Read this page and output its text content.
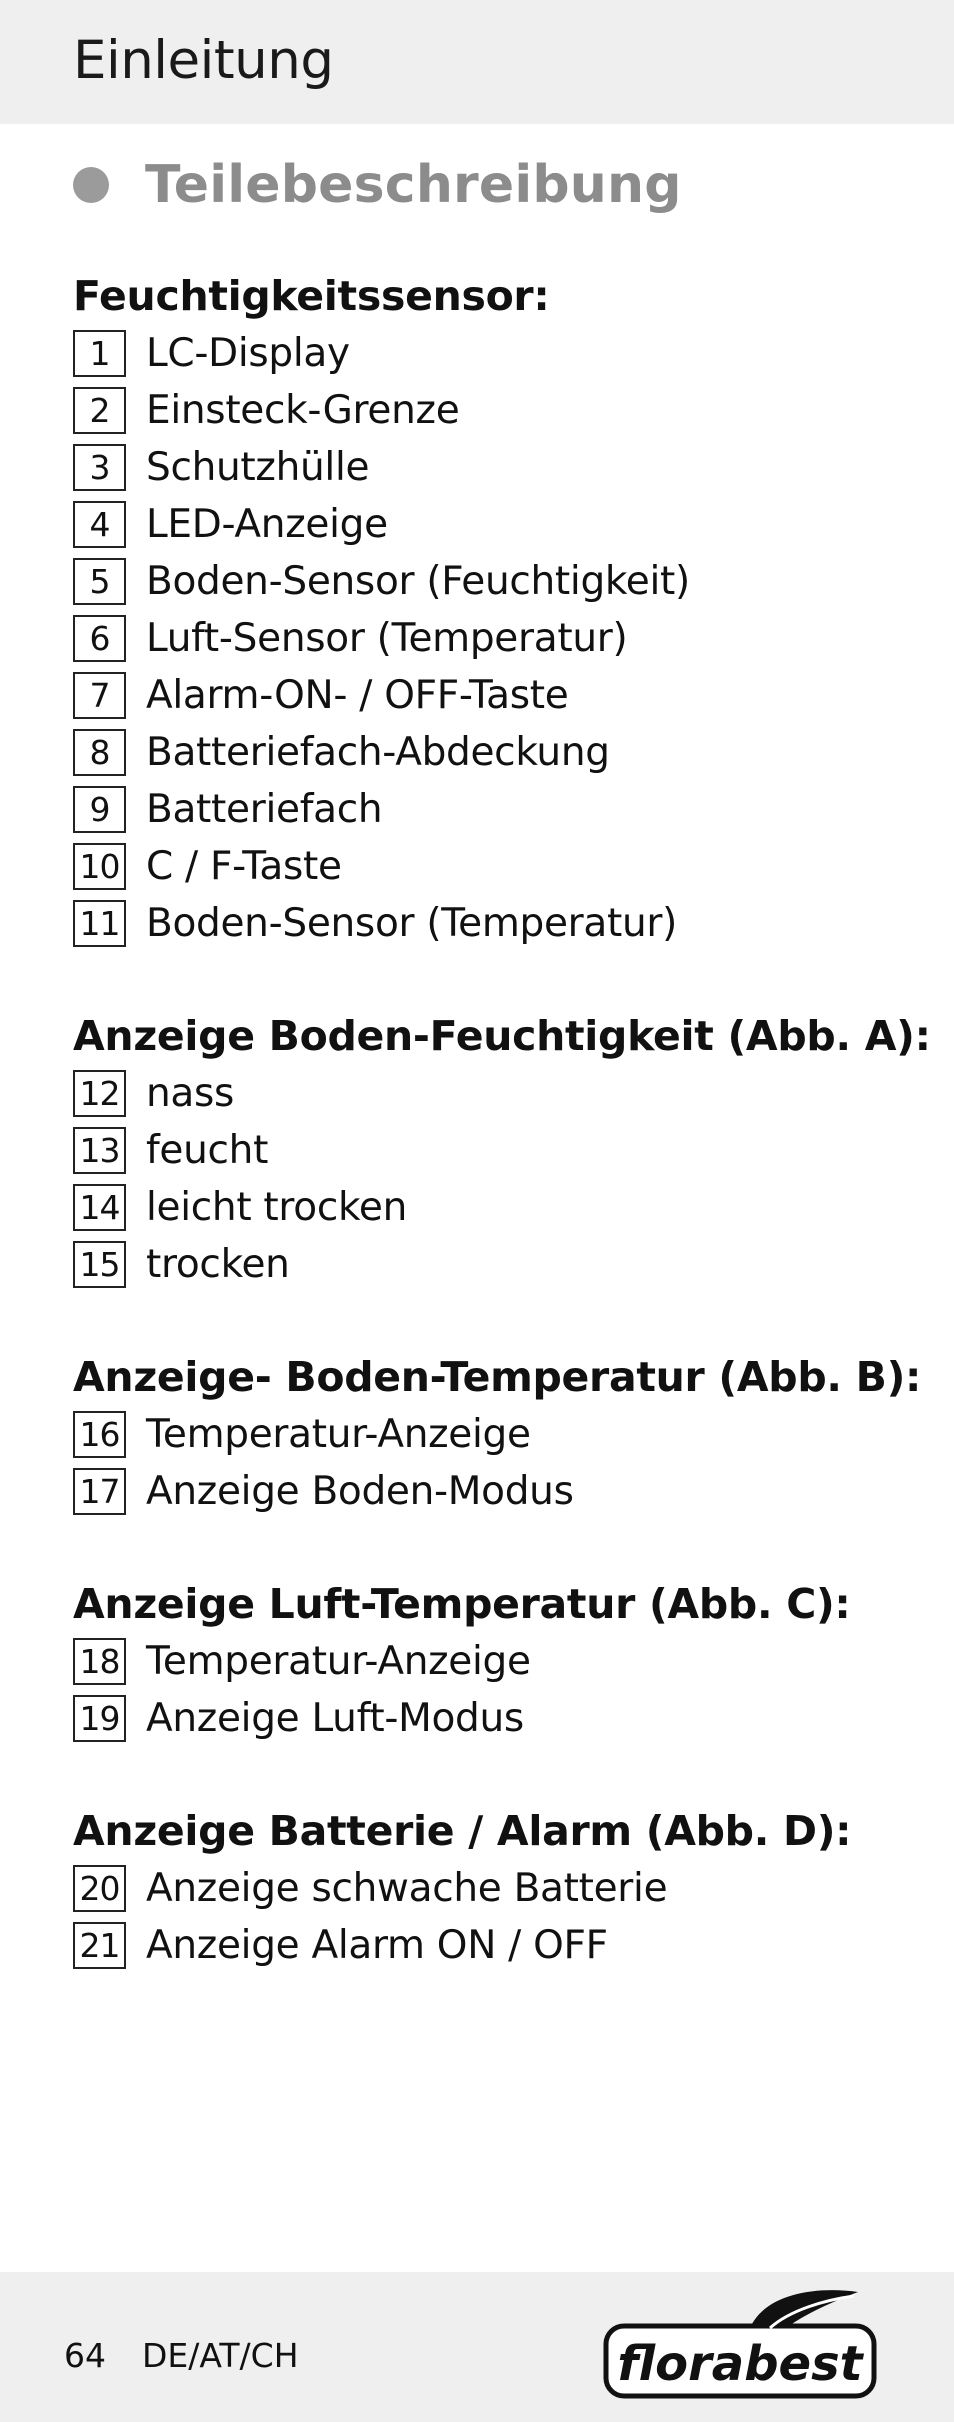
Einleitung
Teilebeschreibung
Feuchtigkeitssensor:
1 LC-Display
2 Einsteck-Grenze
3 Schutzhülle
4 LED-Anzeige
5 Boden-Sensor (Feuchtigkeit)
6 Luft-Sensor (Temperatur)
7 Alarm-ON- / OFF-Taste
8 Batteriefach-Abdeckung
9 Batteriefach
10 C / F-Taste
11 Boden-Sensor (Temperatur)
Anzeige Boden-Feuchtigkeit (Abb. A):
12 nass
13 feucht
14 leicht trocken
15 trocken
Anzeige- Boden-Temperatur (Abb. B):
16 Temperatur-Anzeige
17 Anzeige Boden-Modus
Anzeige Luft-Temperatur (Abb. C):
18 Temperatur-Anzeige
19 Anzeige Luft-Modus
Anzeige Batterie / Alarm (Abb. D):
20 Anzeige schwache Batterie
21 Anzeige Alarm ON / OFF
64 DE/AT/CH	florabest
